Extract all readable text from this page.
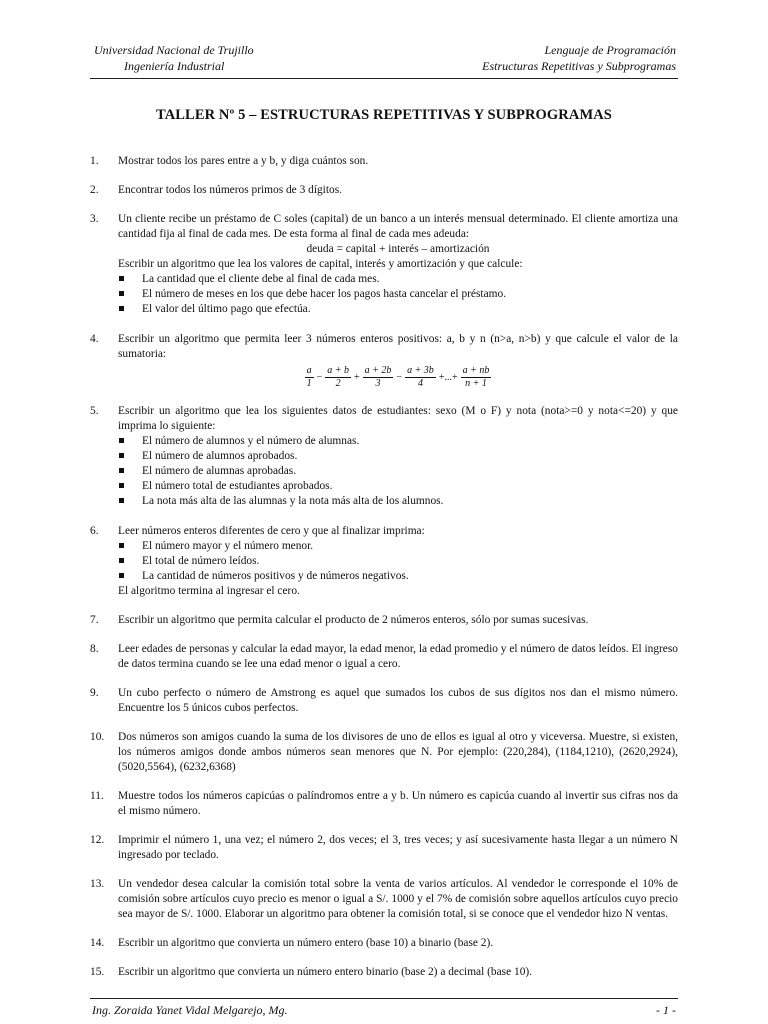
Universidad Nacional de Trujillo
Ingeniería Industrial
Lenguaje de Programación
Estructuras Repetitivas y Subprogramas
TALLER Nº 5 – ESTRUCTURAS REPETITIVAS Y SUBPROGRAMAS
1. Mostrar todos los pares entre a y b, y diga cuántos son.

2. Encontrar todos los números primos de 3 dígitos.

3. Un cliente recibe un préstamo de C soles (capital) de un banco a un interés mensual determinado. El cliente amortiza una cantidad fija al final de cada mes. De esta forma al final de cada mes adeuda:

deuda = capital + interés – amortización

Escribir un algoritmo que lea los valores de capital, interés y amortización y que calcule:

La cantidad que el cliente debe al final de cada mes.
El número de meses en los que debe hacer los pagos hasta cancelar el préstamo.
El valor del último pago que efectúa.
4. Escribir un algoritmo que permita leer 3 números enteros positivos: a, b y n (n>a, n>b) y que calcule el valor de la sumatoria:

$\frac{a}{1} - \frac{a + b}{2} + \frac{a + 2b}{3} - \frac{a + 3b}{4}$ +...+ $\frac{a + nb}{n + 1}$
5. Escribir un algoritmo que lea los siguientes datos de estudiantes: sexo (M o F) y nota (nota>=0 y nota<=20) y que imprima lo siguiente:

El número de alumnos y el número de alumnas.
El número de alumnos aprobados.
El número de alumnas aprobadas.
El número total de estudiantes aprobados.
La nota más alta de las alumnas y la nota más alta de los alumnos.
6. Leer números enteros diferentes de cero y que al finalizar imprima:

El número mayor y el número menor.
El total de número leídos.
La cantidad de números positivos y de números negativos.

El algoritmo termina al ingresar el cero.

7. Escribir un algoritmo que permita calcular el producto de 2 números enteros, sólo por sumas sucesivas.

8. Leer edades de personas y calcular la edad mayor, la edad menor, la edad promedio y el número de datos leídos. El ingreso de datos termina cuando se lee una edad menor o igual a cero.

9. Un cubo perfecto o número de Amstrong es aquel que sumados los cubos de sus dígitos nos dan el mismo número. Encuentre los 5 únicos cubos perfectos.

10. Dos números son amigos cuando la suma de los divisores de uno de ellos es igual al otro y viceversa. Muestre, si existen, los números amigos donde ambos números sean menores que N. Por ejemplo: (220,284), (1184,1210), (2620,2924), (5020,5564), (6232,6368)

11. Muestre todos los números capicúas o palíndromos entre a y b. Un número es capicúa cuando al invertir sus cifras nos da el mismo número.

12. Imprimir el número 1, una vez; el número 2, dos veces; el 3, tres veces; y así sucesivamente hasta llegar a un número N ingresado por teclado.

13. Un vendedor desea calcular la comisión total sobre la venta de varios artículos. Al vendedor le corresponde el 10% de comisión sobre artículos cuyo precio es menor o igual a S/. 1000 y el 7% de comisión sobre aquellos artículos cuyo precio sea mayor de S/. 1000. Elaborar un algoritmo para obtener la comisión total, si se conoce que el vendedor hizo N ventas.

14. Escribir un algoritmo que convierta un número entero (base 10) a binario (base 2).

15. Escribir un algoritmo que convierta un número entero binario (base 2) a decimal (base 10).

Ing. Zoraida Yanet Vidal Melgarejo, Mg.	- 1 -
